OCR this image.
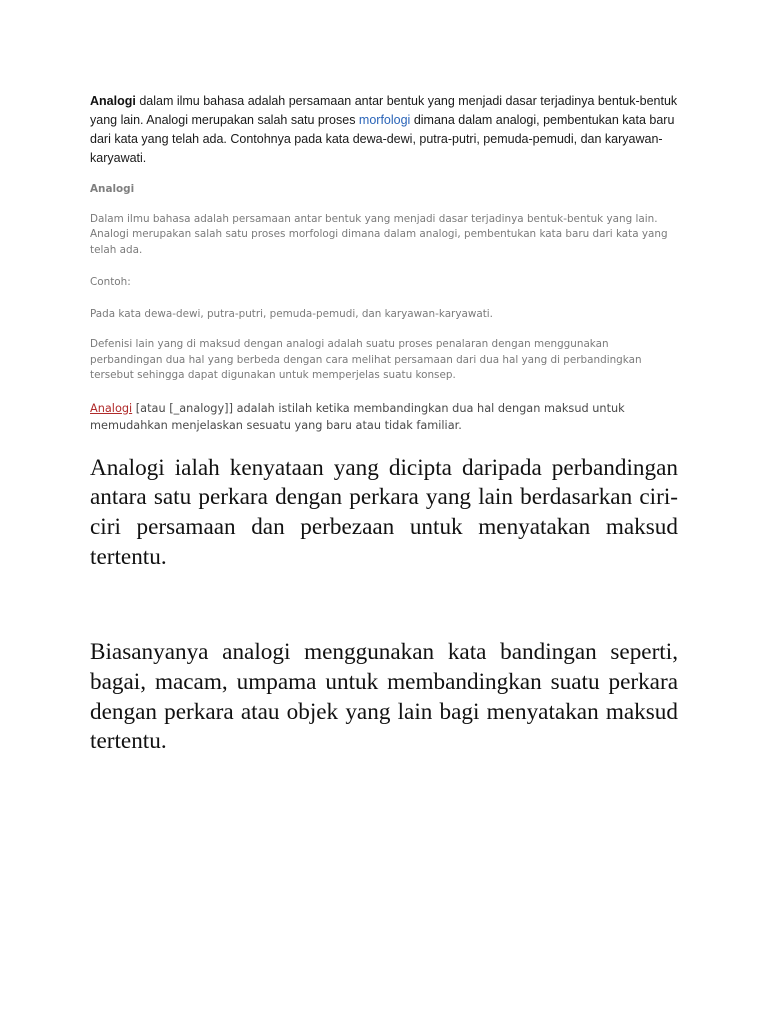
Analogi dalam ilmu bahasa adalah persamaan antar bentuk yang menjadi dasar terjadinya bentuk-bentuk yang lain. Analogi merupakan salah satu proses morfologi dimana dalam analogi, pembentukan kata baru dari kata yang telah ada. Contohnya pada kata dewa-dewi, putra-putri, pemuda-pemudi, dan karyawan-karyawati.

Analogi

Dalam ilmu bahasa adalah persamaan antar bentuk yang menjadi dasar terjadinya bentuk-bentuk yang lain. Analogi merupakan salah satu proses morfologi dimana dalam analogi, pembentukan kata baru dari kata yang telah ada.

Contoh:

Pada kata dewa-dewi, putra-putri, pemuda-pemudi, dan karyawan-karyawati.

Defenisi lain yang di maksud dengan analogi adalah suatu proses penalaran dengan menggunakan perbandingan dua hal yang berbeda dengan cara melihat persamaan dari dua hal yang di perbandingkan tersebut sehingga dapat digunakan untuk memperjelas suatu konsep.

Analogi [atau [_analogy]] adalah istilah ketika membandingkan dua hal dengan maksud untuk memudahkan menjelaskan sesuatu yang baru atau tidak familiar.

Analogi ialah kenyataan yang dicipta daripada perbandingan antara satu perkara dengan perkara yang lain berdasarkan ciri-ciri persamaan dan perbezaan untuk menyatakan maksud tertentu.

Biasanyanya analogi menggunakan kata bandingan seperti, bagai, macam, umpama untuk membandingkan suatu perkara dengan perkara atau objek yang lain bagi menyatakan maksud tertentu.
